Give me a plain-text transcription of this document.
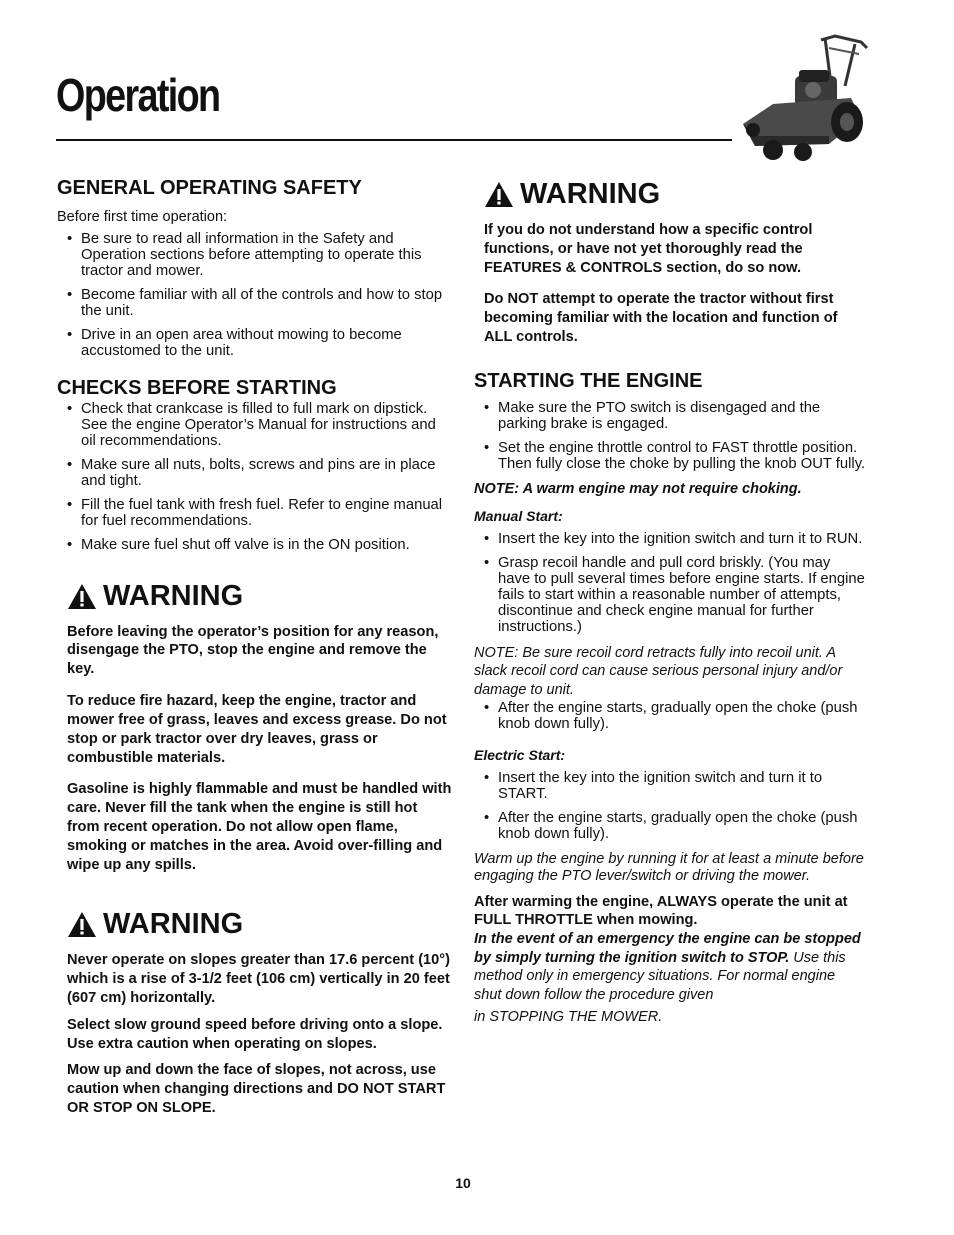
Operation
GENERAL OPERATING SAFETY

Before first time operation:

• Be sure to read all information in the Safety and Operation sections before attempting to operate this tractor and mower.
• Become familiar with all of the controls and how to stop the unit.
• Drive in an open area without mowing to become accustomed to the unit.
CHECKS BEFORE STARTING
• Check that crankcase is filled to full mark on dipstick. See the engine Operator’s Manual for instructions and oil recommendations.
• Make sure all nuts, bolts, screws and pins are in place and tight.
• Fill the fuel tank with fresh fuel. Refer to engine manual for fuel recommendations.
• Make sure fuel shut off valve is in the ON position.
WARNING

Before leaving the operator’s position for any reason, disengage the PTO, stop the engine and remove the key.

To reduce fire hazard, keep the engine, tractor and mower free of grass, leaves and excess grease. Do not stop or park tractor over dry leaves, grass or combustible materials.

Gasoline is highly flammable and must be handled with care. Never fill the tank when the engine is still hot from recent operation. Do not allow open flame, smoking or matches in the area. Avoid over-filling and wipe up any spills.

WARNING

Never operate on slopes greater than 17.6 percent (10°) which is a rise of 3-1/2 feet (106 cm) vertically in 20 feet (607 cm) horizontally.

Select slow ground speed before driving onto a slope. Use extra caution when operating on slopes.

Mow up and down the face of slopes, not across, use caution when changing directions and DO NOT START OR STOP ON SLOPE.

WARNING

If you do not understand how a specific control functions, or have not yet thoroughly read the FEATURES & CONTROLS section, do so now.

Do NOT attempt to operate the tractor without first becoming familiar with the location and function of ALL controls.

STARTING THE ENGINE
• Make sure the PTO switch is disengaged and the parking brake is engaged.
• Set the engine throttle control to FAST throttle position. Then fully close the choke by pulling the knob OUT fully.

NOTE: A warm engine may not require choking.

Manual Start:

• Insert the key into the ignition switch and turn it to RUN.
• Grasp recoil handle and pull cord briskly. (You may have to pull several times before engine starts. If engine fails to start within a reasonable number of attempts, discontinue and check engine manual for further instructions.)

NOTE: Be sure recoil cord retracts fully into recoil unit. A slack recoil cord can cause serious personal injury and/or damage to unit.

• After the engine starts, gradually open the choke (push knob down fully).

Electric Start:

• Insert the key into the ignition switch and turn it to START.
• After the engine starts, gradually open the choke (push knob down fully).

Warm up the engine by running it for at least a minute before engaging the PTO lever/switch or driving the mower.

After warming the engine, ALWAYS operate the unit at FULL THROTTLE when mowing.

In the event of an emergency the engine can be stopped by simply turning the ignition switch to STOP. Use this method only in emergency situations. For normal engine shut down follow the procedure given

in STOPPING THE MOWER.

10
